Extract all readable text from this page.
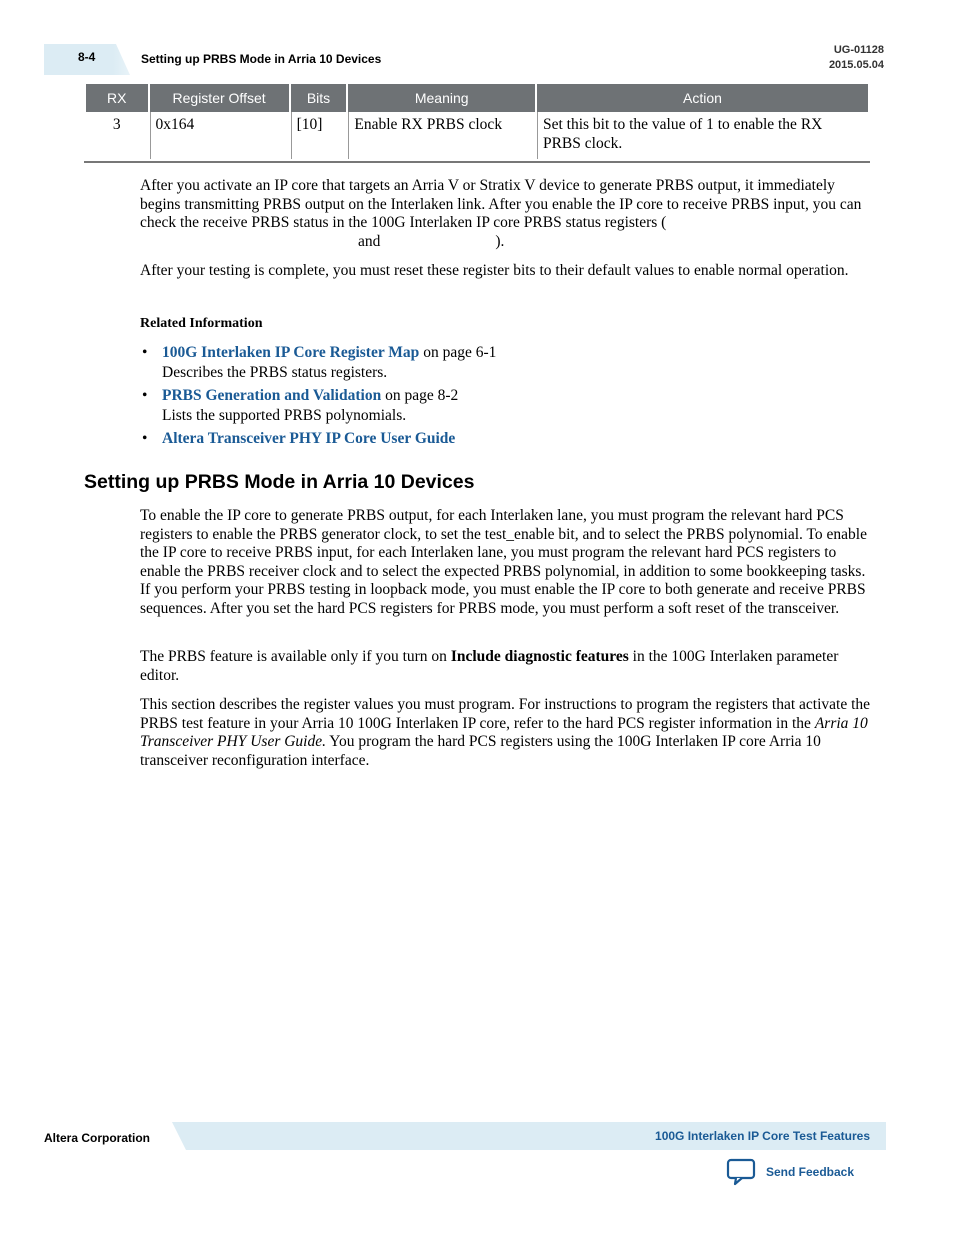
8-4	Setting up PRBS Mode in Arria 10 Devices
UG-01128
2015.05.04
RX	Register Offset	Bits	Meaning	Action
3	0x164	[10]	Enable RX PRBS clock	Set this bit to the value of 1 to enable the RX PRBS clock.
After you activate an IP core that targets an Arria V or Stratix V device to generate PRBS output, it immediately begins transmitting PRBS output on the Interlaken link. After you enable the IP core to receive PRBS input, you can check the receive PRBS status in the 100G Interlaken IP core PRBS status registers (and	).
After your testing is complete, you must reset these register bits to their default values to enable normal operation.
Related Information
• 100G Interlaken IP Core Register Map on page 6-1
Describes the PRBS status registers.
• PRBS Generation and Validation on page 8-2
Lists the supported PRBS polynomials.
• Altera Transceiver PHY IP Core User Guide
Setting up PRBS Mode in Arria 10 Devices
To enable the IP core to generate PRBS output, for each Interlaken lane, you must program the relevant hard PCS registers to enable the PRBS generator clock, to set the test_enable bit, and to select the PRBS polynomial. To enable the IP core to receive PRBS input, for each Interlaken lane, you must program the relevant hard PCS registers to enable the PRBS receiver clock and to select the expected PRBS polynomial, in addition to some bookkeeping tasks. If you perform your PRBS testing in loopback mode, you must enable the IP core to both generate and receive PRBS sequences. After you set the hard PCS registers for PRBS mode, you must perform a soft reset of the transceiver.
The PRBS feature is available only if you turn on Include diagnostic features in the 100G Interlaken parameter editor.
This section describes the register values you must program. For instructions to program the registers that activate the PRBS test feature in your Arria 10 100G Interlaken IP core, refer to the hard PCS register information in the Arria 10 Transceiver PHY User Guide. You program the hard PCS registers using the 100G Interlaken IP core Arria 10 transceiver reconfiguration interface.
Altera Corporation	100G Interlaken IP Core Test Features
Send Feedback
